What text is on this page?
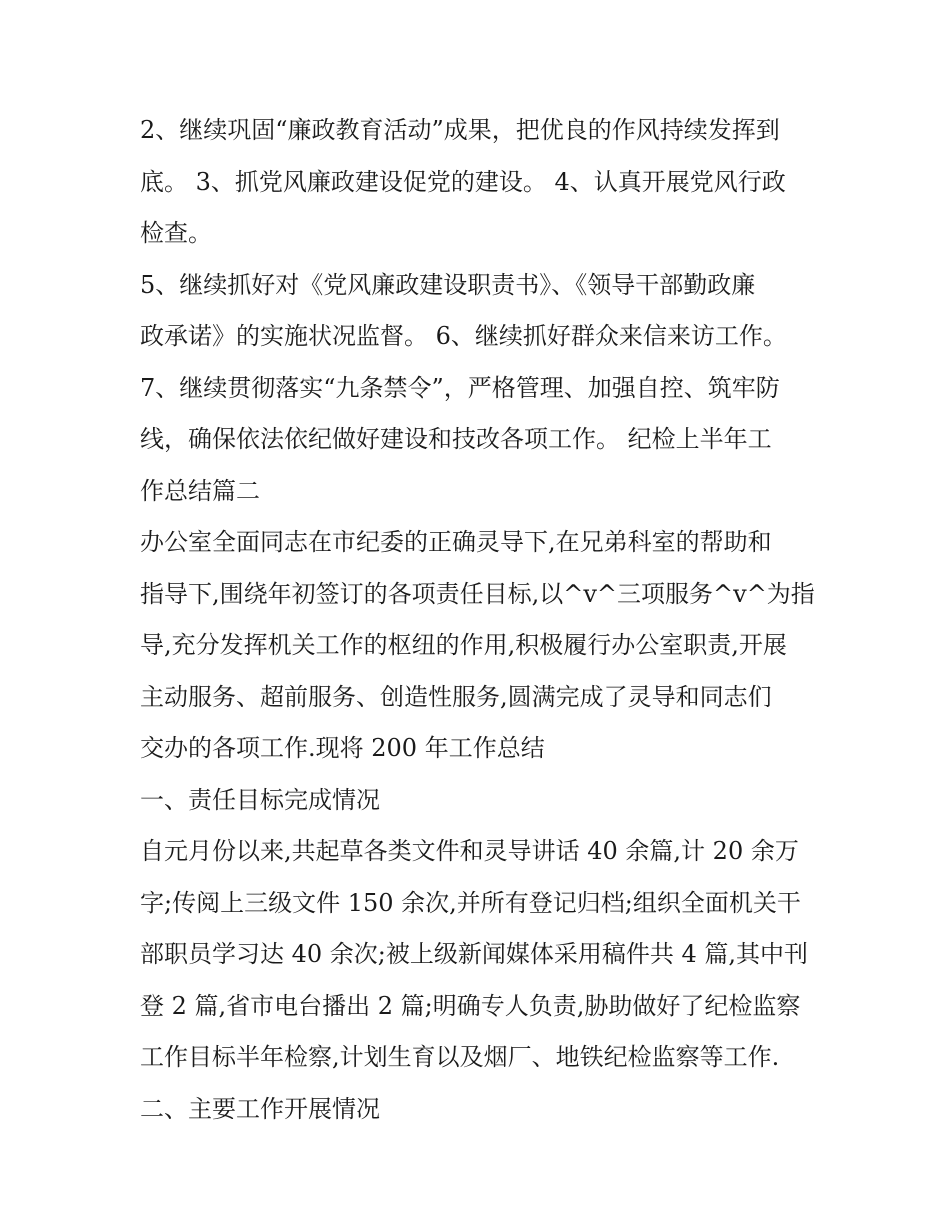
2、继续巩固“廉政教育活动”成果，把优良的作风持续发挥到
底。 3、抓党风廉政建设促党的建设。 4、认真开展党风行政
检查。

5、继续抓好对《党风廉政建设职责书》、《领导干部勤政廉
政承诺》的实施状况监督。 6、继续抓好群众来信来访工作。

7、继续贯彻落实“九条禁令”，严格管理、加强自控、筑牢防
线，确保依法依纪做好建设和技改各项工作。 纪检上半年工
作总结篇二

办公室全面同志在市纪委的正确灵导下,在兄弟科室的帮助和
指导下,围绕年初签订的各项责任目标,以^v^三项服务^v^为指
导,充分发挥机关工作的枢纽的作用,积极履行办公室职责,开展
主动服务、超前服务、创造性服务,圆满完成了灵导和同志们
交办的各项工作.现将 200 年工作总结

一、责任目标完成情况

自元月份以来,共起草各类文件和灵导讲话 40 余篇,计 20 余万
字;传阅上三级文件 150 余次,并所有登记归档;组织全面机关干
部职员学习达 40 余次;被上级新闻媒体采用稿件共 4 篇,其中刊
登 2 篇,省市电台播出 2 篇;明确专人负责,胁助做好了纪检监察
工作目标半年检察,计划生育以及烟厂、地铁纪检监察等工作.

二、主要工作开展情况
